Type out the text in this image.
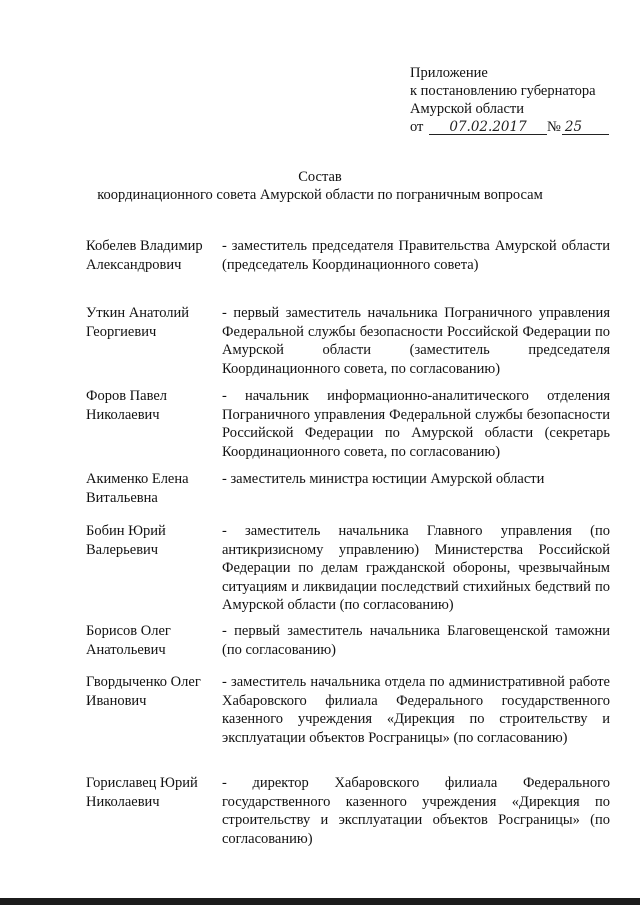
Приложение
к постановлению губернатора
Амурской области
от 07.02.2017 № 25
Состав
координационного совета Амурской области по пограничным вопросам
Кобелев Владимир Александрович
- заместитель председателя Правительства Амурской области (председатель Координационного совета)
Уткин Анатолий Георгиевич
- первый заместитель начальника Пограничного управления Федеральной службы безопасности Российской Федерации по Амурской области (заместитель председателя Координационного совета, по согласованию)
Форов Павел Николаевич
- начальник информационно-аналитического отделения Пограничного управления Федеральной службы безопасности Российской Федерации по Амурской области (секретарь Координационного совета, по согласованию)
Акименко Елена Витальевна
- заместитель министра юстиции Амурской области
Бобин Юрий Валерьевич
- заместитель начальника Главного управления (по антикризисному управлению) Министерства Российской Федерации по делам гражданской обороны, чрезвычайным ситуациям и ликвидации последствий стихийных бедствий по Амурской области (по согласованию)
Борисов Олег Анатольевич
- первый заместитель начальника Благовещенской таможни (по согласованию)
Гвордыченко Олег Иванович
- заместитель начальника отдела по административной работе Хабаровского филиала Федерального государственного казенного учреждения «Дирекция по строительству и эксплуатации объектов Росграницы» (по согласованию)
Гориславец Юрий Николаевич
- директор Хабаровского филиала Федерального государственного казенного учреждения «Дирекция по строительству и эксплуатации объектов Росграницы» (по согласованию)
